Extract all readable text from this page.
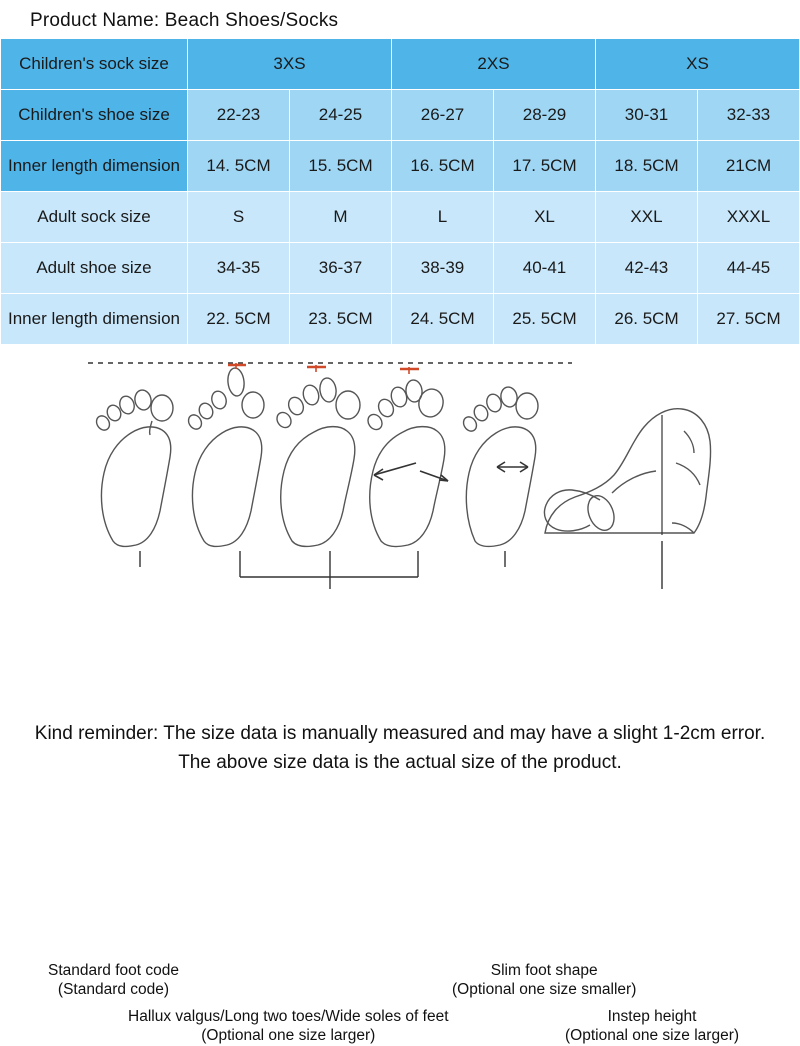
Product Name: Beach Shoes/Socks
Children's sock size	3XS		2XS		XS	
Children's shoe size	22-23	24-25	26-27	28-29	30-31	32-33
Inner length dimension	14. 5CM	15. 5CM	16. 5CM	17. 5CM	18. 5CM	21CM
Adult sock size	S	M	L	XL	XXL	XXXL
Adult shoe size	34-35	36-37	38-39	40-41	42-43	44-45
Inner length dimension	22. 5CM	23. 5CM	24. 5CM	25. 5CM	26. 5CM	27. 5CM
Standard foot code
(Standard code)
Slim foot shape
(Optional one size smaller)
Hallux valgus/Long two toes/Wide soles of feet
(Optional one size larger)
Instep height
(Optional one size larger)
Kind reminder: The size data is manually measured and may have a slight 1-2cm error. The above size data is the actual size of the product.
